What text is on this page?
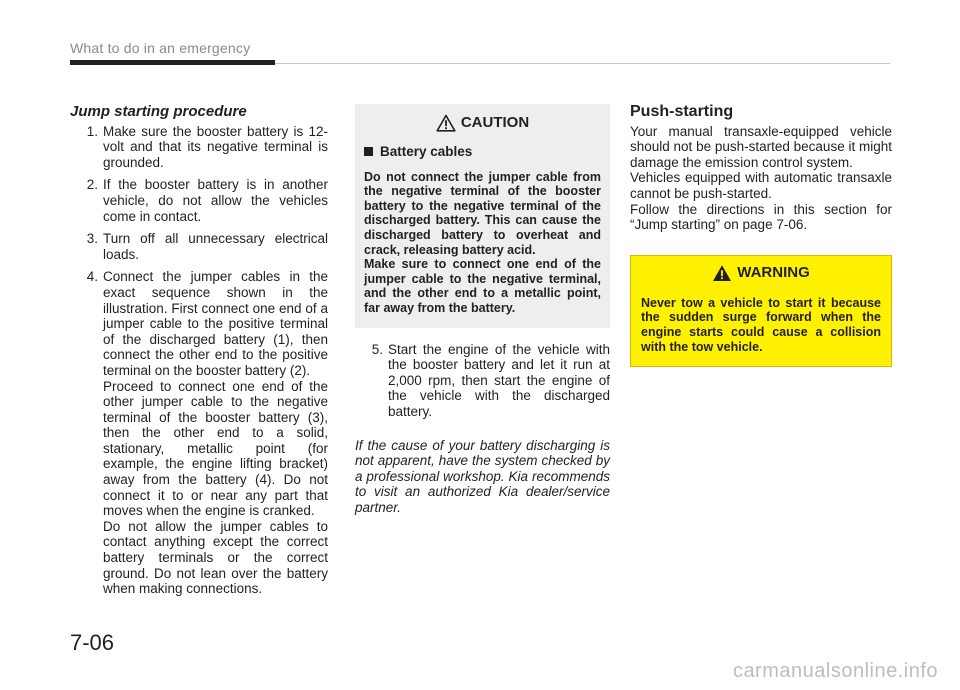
What to do in an emergency
Jump starting procedure
1. Make sure the booster battery is 12-volt and that its negative terminal is grounded.
2. If the booster battery is in another vehicle, do not allow the vehicles come in contact.
3. Turn off all unnecessary electrical loads.
4. Connect the jumper cables in the exact sequence shown in the illustration. First connect one end of a jumper cable to the positive terminal of the discharged battery (1), then connect the other end to the positive terminal on the booster battery (2).

Proceed to connect one end of the other jumper cable to the negative terminal of the booster battery (3), then the other end to a solid, stationary, metallic point (for example, the engine lifting bracket) away from the battery (4). Do not connect it to or near any part that moves when the engine is cranked.

Do not allow the jumper cables to contact anything except the correct battery terminals or the correct ground. Do not lean over the battery when making connections.

CAUTION
Battery cables

Do not connect the jumper cable from the negative terminal of the booster battery to the negative terminal of the discharged battery. This can cause the discharged battery to overheat and crack, releasing battery acid.

Make sure to connect one end of the jumper cable to the negative terminal, and the other end to a metallic point, far away from the battery.

5. Start the engine of the vehicle with the booster battery and let it run at 2,000 rpm, then start the engine of the vehicle with the discharged battery.

If the cause of your battery discharging is not apparent, have the system checked by a professional workshop. Kia recommends to visit an authorized Kia dealer/service partner.

Push-starting

Your manual transaxle-equipped vehicle should not be push-started because it might damage the emission control system.

Vehicles equipped with automatic transaxle cannot be push-started.

Follow the directions in this section for “Jump starting” on page 7-06.

WARNING

Never tow a vehicle to start it because the sudden surge forward when the engine starts could cause a collision with the tow vehicle.

7-06
carmanualsonline.info
